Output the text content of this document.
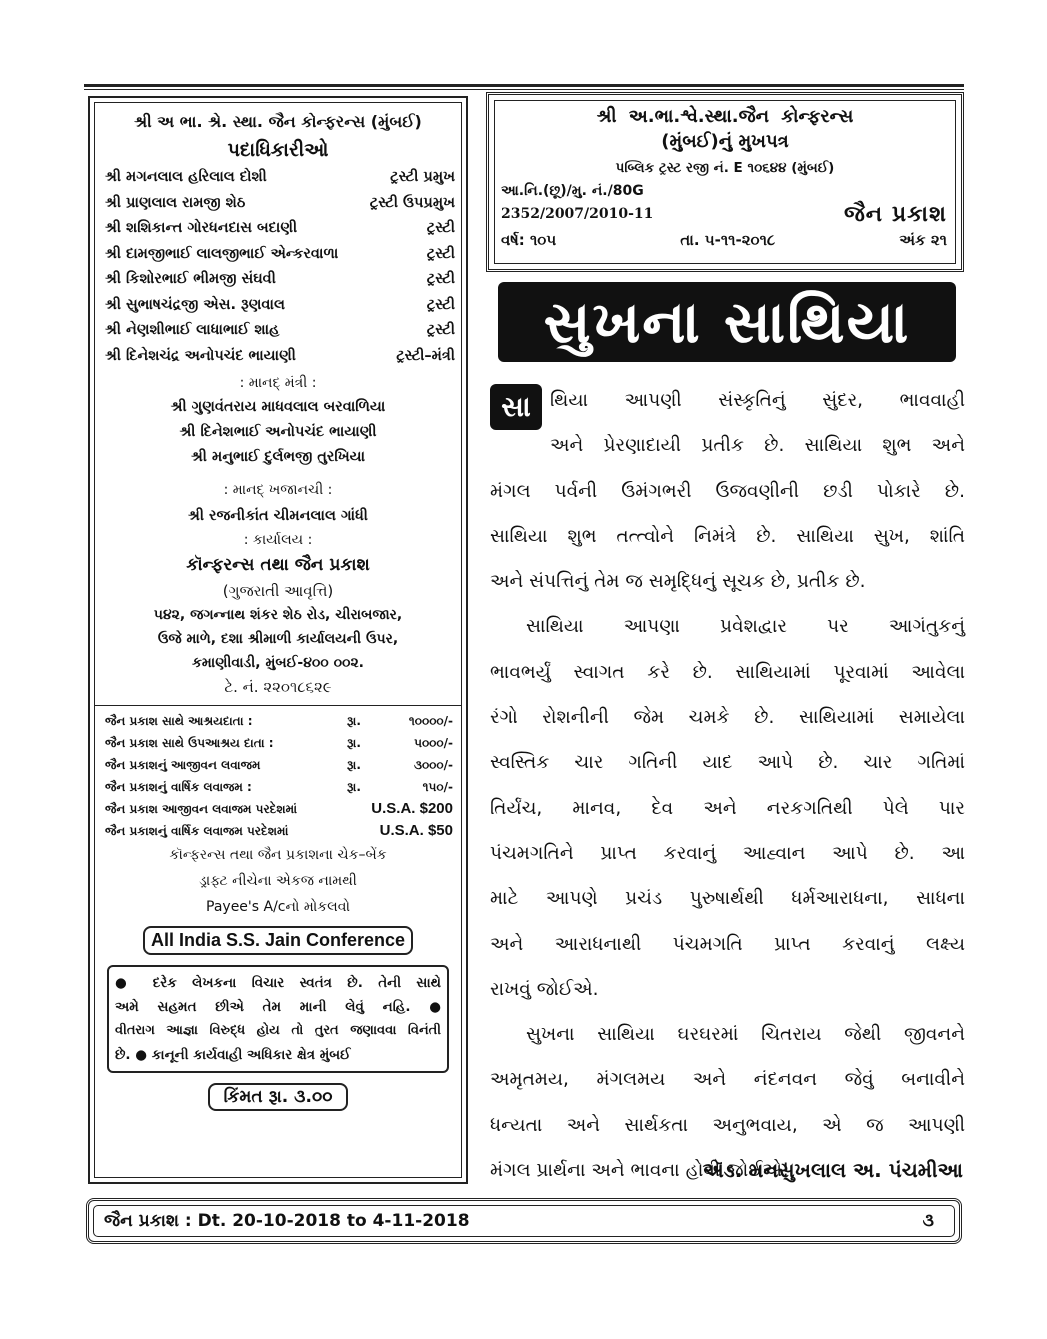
શ્રી અ ભા. શ્રે. સ્થા. જૈન કોન્ફરન્સ (મુંબઈ)
પદાધિકારીઓ
શ્રી મગનલાલ હરિલાલ દોશી	ટ્રસ્ટી પ્રમુખ
શ્રી પ્રાણલાલ રામજી શેઠ	ટ્રસ્ટી ઉપપ્રમુખ
શ્રી શશિકાન્ત ગોરધનદાસ બદાણી	ટ્રસ્ટી
શ્રી દામજીભાઈ લાલજીભાઈ એન્કરવાળા	ટ્રસ્ટી
શ્રી કિશોરભાઈ ભીમજી સંઘવી	ટ્રસ્ટી
શ્રી સુભાષચંદ્રજી એસ. રૂણવાલ	ટ્રસ્ટી
શ્રી નેણશીભાઈ લાધાભાઈ શાહ	ટ્રસ્ટી
શ્રી દિનેશચંદ્ર અનોપચંદ ભાયાણી	ટ્રસ્ટી–મંત્રી
: માનદ્ મંત્રી :
શ્રી ગુણવંતરાય માધવલાલ બરવાળિયા
શ્રી દિનેશભાઈ અનોપચંદ ભાયાણી
શ્રી મનુભાઈ દુર્લભજી તુરખિયા
: માનદ્ ખજાનચી :
શ્રી રજનીકાંત ચીમનલાલ ગાંધી
: કાર્યાલય :
કૉન્ફરન્સ તથા જૈન પ્રકાશ
(ગુજરાતી આવૃત્તિ)
૫૪૨, જગન્નાથ શંકર શેઠ રોડ, ચીરાબજાર,
ઉજે માળે, દશા શ્રીમાળી કાર્યાલયની ઉપર,
કમાણીવાડી, મુંબઈ-૪૦૦ ૦૦૨.
ટે. નં. ૨૨૦૧૮૬૨૯
જૈન પ્રકાશ સાથે આશ્રયદાતા :	રૂા.	૧૦૦૦૦/-
જૈન પ્રકાશ સાથે ઉપઆશ્રય દાતા :	રૂા.	૫૦૦૦/-
જૈન પ્રકાશનું આજીવન લવાજમ	રૂા.	૩૦૦૦/-
જૈન પ્રકાશનું વાર્ષિક લવાજમ :	રૂા.	૧૫૦/-
જૈન પ્રકાશ આજીવન લવાજમ પરદેશમાં	U.S.A. $200
જૈન પ્રકાશનું વાર્ષિક લવાજમ પરદેશમાં	U.S.A. $50
કૉન્ફરન્સ તથા જૈન પ્રકાશના ચેક–બેંક
ડ્રાફ્ટ નીચેના એકજ નામથી
Payee's A/cનો મોકલવો
All India S.S. Jain Conference
● દરેક લેખકના વિચાર સ્વતંત્ર છે. તેની સાથે
અમે સહમત છીએ તેમ માની લેવું નહિ. ●
વીતરાગ આજ્ઞા વિરુદ્ધ હોય તો તુરત જણાવવા વિનંતી
છે. ● કાનૂની કાર્યવાહી અધિકાર ક્ષેત્ર મુંબઈ
કિંમત રૂા. ૩.૦૦
શ્રી અ.ભા.શ્વે.સ્થા.જૈન કોન્ફરન્સ
(મુંબઈ)નું મુખપત્ર
પબ્લિક ટ્રસ્ટ રજી નં. E ૧૦૬૪૪ (મુંબઈ)
આ.નિ.(છૂ)/મુ. નં./80G
2352/2007/2010-11	જૈન પ્રકાશ
વર્ષ: ૧૦૫	તા. ૫-૧૧-૨૦૧૮	અંક ૨૧
સુખના સાથિયા
સા	થિયા આપણી સંસ્કૃતિનું સુંદર, ભાવવાહી
અને પ્રેરણાદાયી પ્રતીક છે. સાથિયા શુભ અને
મંગલ પર્વની ઉમંગભરી ઉજવણીની છડી પોકારે છે.
સાથિયા શુભ તત્ત્વોને નિમંત્રે છે. સાથિયા સુખ, શાંતિ
અને સંપત્તિનું તેમ જ સમૃદ્ધિનું સૂચક છે, પ્રતીક છે.
સાથિયા આપણા પ્રવેશદ્વાર પર આગંતુકનું
ભાવભર્યું સ્વાગત કરે છે. સાથિયામાં પૂરવામાં આવેલા
રંગો રોશનીની જેમ ચમકે છે. સાથિયામાં સમાયેલા
સ્વસ્તિક ચાર ગતિની યાદ આપે છે. ચાર ગતિમાં
તિર્યંચ, માનવ, દેવ અને નરકગતિથી પેલે પાર
પંચમગતિને પ્રાપ્ત કરવાનું આહ્વાન આપે છે. આ
માટે આપણે પ્રચંડ પુરુષાર્થથી ધર્મઆરાધના, સાધના
અને આરાધનાથી પંચમગતિ પ્રાપ્ત કરવાનું લક્ષ્ય
રાખવું જોઈએ.
સુખના સાથિયા ઘરઘરમાં ચિતરાય જેથી જીવનને
અમૃતમય, મંગલમય અને નંદનવન જેવું બનાવીને
ધન્યતા અને સાર્થકતા અનુભવાય, એ જ આપણી
મંગલ પ્રાર્થના અને ભાવના હોવી જોઈએ!
ઍડ. મનસુખલાલ અ. પંચમીઆ
જૈન પ્રકાશ : Dt. 20-10-2018 to 4-11-2018	૩
